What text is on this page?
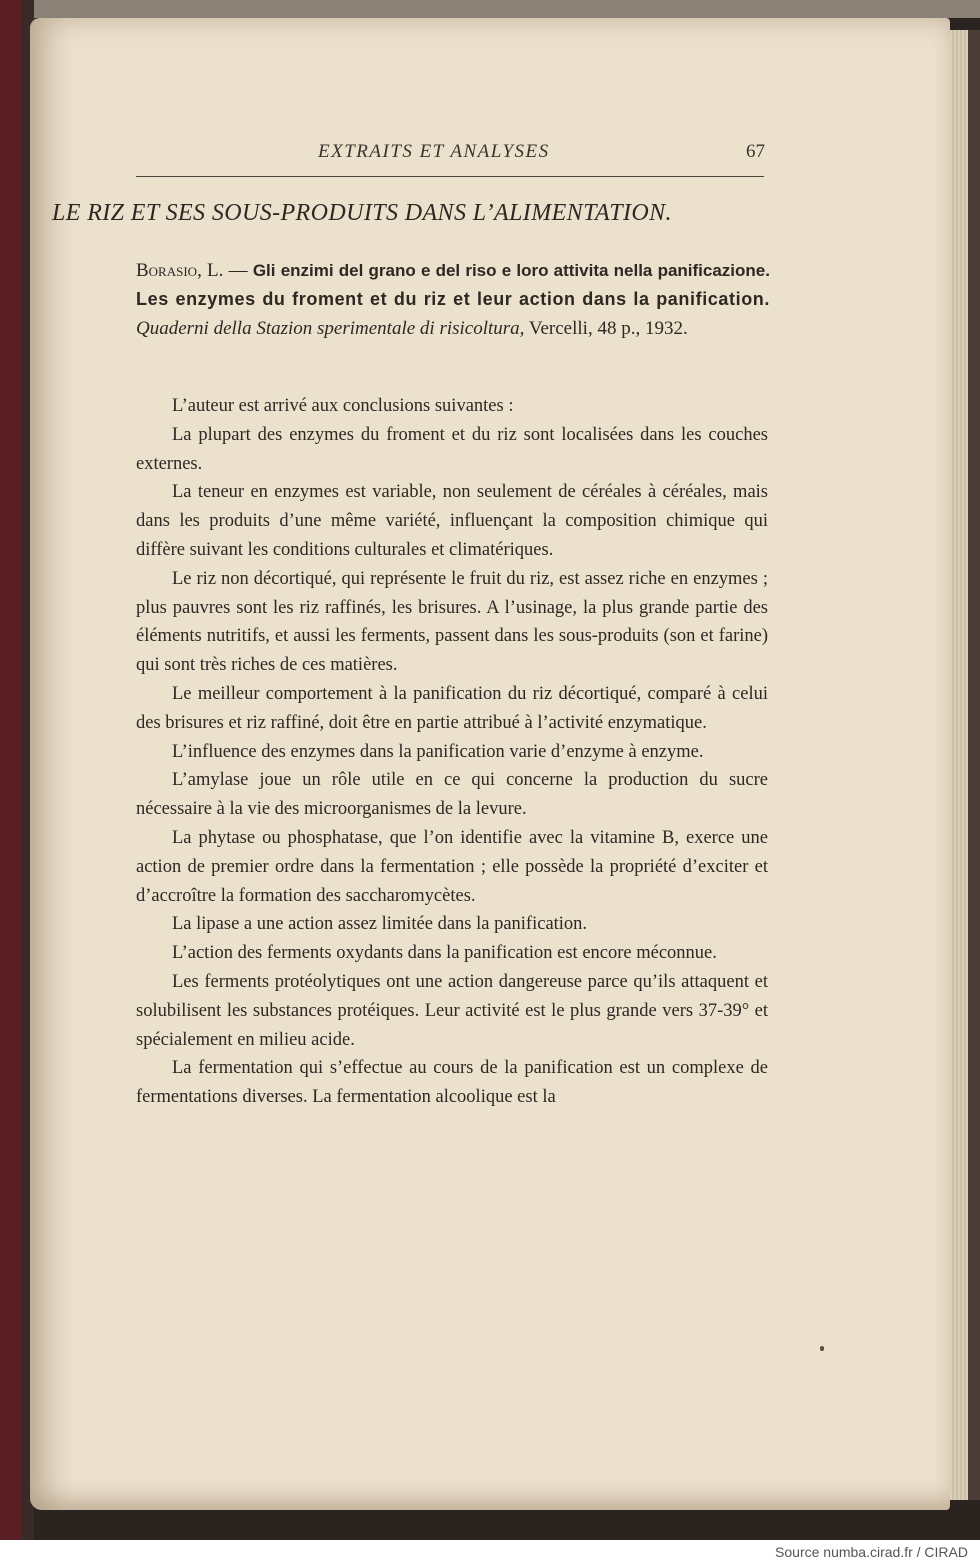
EXTRAITS ET ANALYSES	67
LE RIZ ET SES SOUS-PRODUITS DANS L’ALIMENTATION.
Borasio, L. — Gli enzimi del grano e del riso e loro attivita nella panificazione. Les enzymes du froment et du riz et leur action dans la panification. Quaderni della Stazion sperimentale di risicoltura, Vercelli, 48 p., 1932.

L’auteur est arrivé aux conclusions suivantes :

La plupart des enzymes du froment et du riz sont localisées dans les couches externes.

La teneur en enzymes est variable, non seulement de céréales à céréales, mais dans les produits d’une même variété, influençant la composition chimique qui diffère suivant les conditions culturales et climatériques.

Le riz non décortiqué, qui représente le fruit du riz, est assez riche en enzymes ; plus pauvres sont les riz raffinés, les brisures. A l’usinage, la plus grande partie des éléments nutritifs, et aussi les ferments, passent dans les sous-produits (son et farine) qui sont très riches de ces matières.

Le meilleur comportement à la panification du riz décortiqué, comparé à celui des brisures et riz raffiné, doit être en partie attribué à l’activité enzymatique.

L’influence des enzymes dans la panification varie d’enzyme à enzyme.

L’amylase joue un rôle utile en ce qui concerne la production du sucre nécessaire à la vie des microorganismes de la levure.

La phytase ou phosphatase, que l’on identifie avec la vitamine B, exerce une action de premier ordre dans la fermentation ; elle possède la propriété d’exciter et d’accroître la formation des saccharomycètes.

La lipase a une action assez limitée dans la panification.

L’action des ferments oxydants dans la panification est encore méconnue.

Les ferments protéolytiques ont une action dangereuse parce qu’ils attaquent et solubilisent les substances protéiques. Leur activité est le plus grande vers 37-39° et spécialement en milieu acide.

La fermentation qui s’effectue au cours de la panification est un complexe de fermentations diverses. La fermentation alcoolique est la

Source numba.cirad.fr / CIRAD
